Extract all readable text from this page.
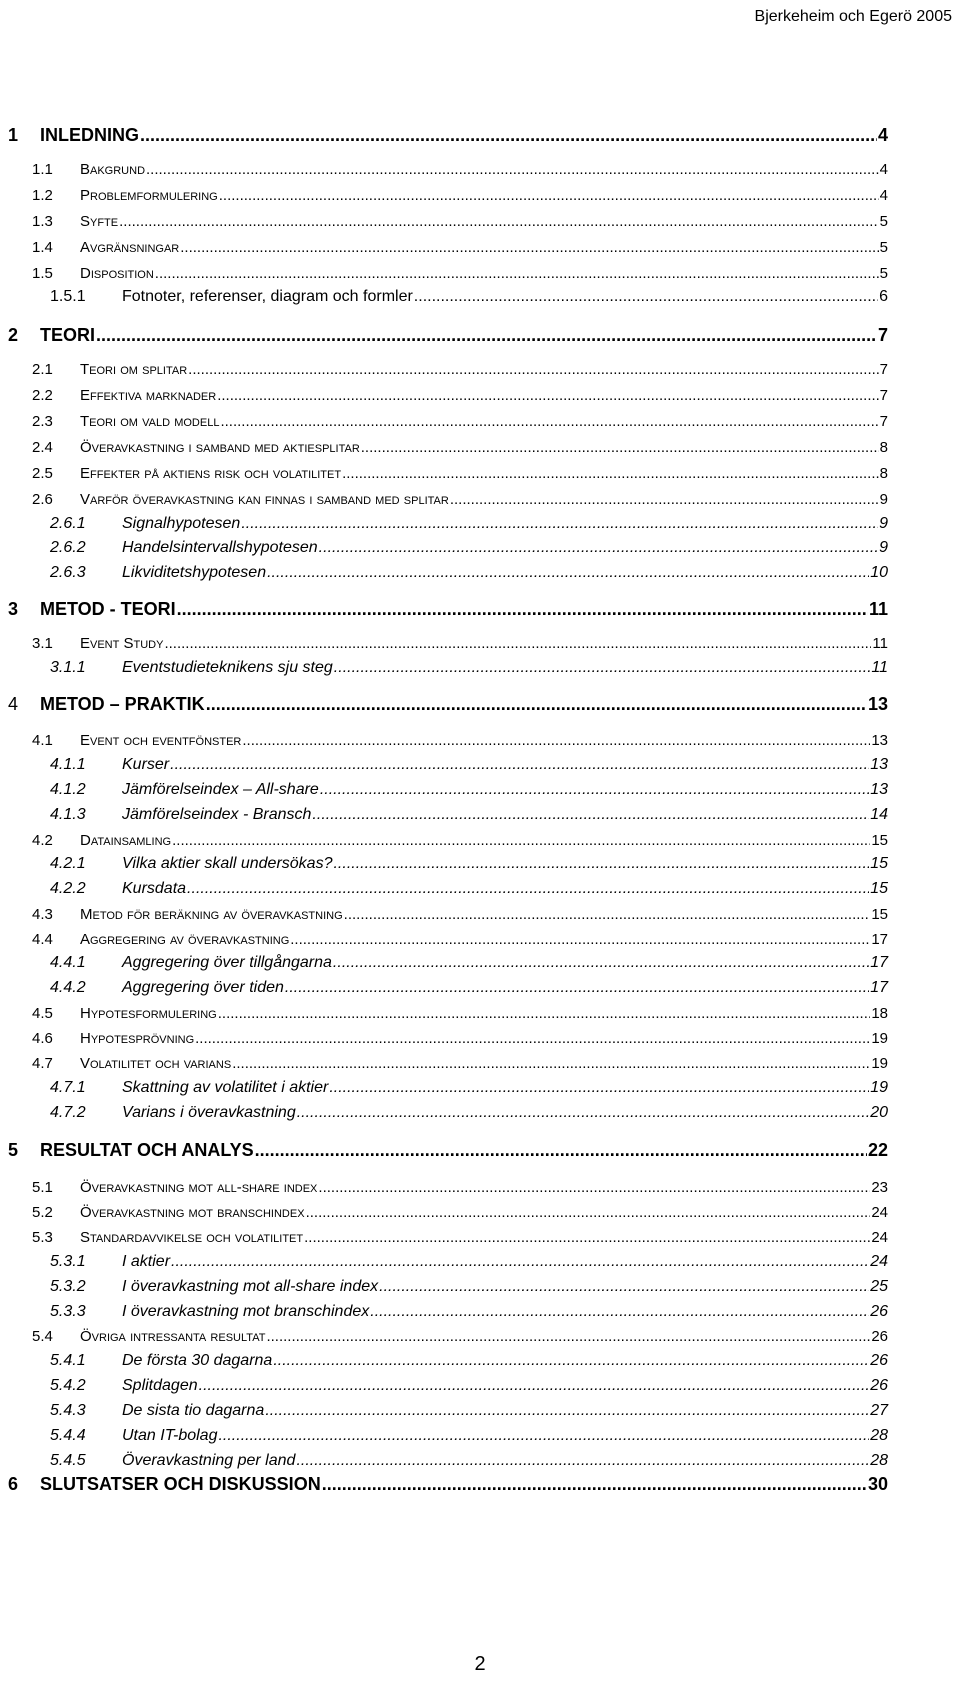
Bjerkeheim och Egerö 2005
1	INLEDNING .....	4
1.1	Bakgrund .....	4
1.2	Problemformulering .....	4
1.3	Syfte .....	5
1.4	Avgränsningar .....	5
1.5	Disposition .....	5
1.5.1	Fotnoter, referenser, diagram och formler .....	6
2	TEORI .....	7
2.1	Teori om splitar .....	7
2.2	Effektiva marknader .....	7
2.3	Teori om vald modell .....	7
2.4	Överavkastning i samband med aktiesplitar .....	8
2.5	Effekter på aktiens risk och volatilitet .....	8
2.6	Varför överavkastning kan finnas i samband med splitar .....	9
2.6.1	Signalhypotesen .....	9
2.6.2	Handelsintervallshypotesen .....	9
2.6.3	Likviditetshypotesen .....	10
3	METOD - TEORI .....	11
3.1	Event Study .....	11
3.1.1	Eventstudieteknikens sju steg .....	11
4	METOD – PRAKTIK .....	13
4.1	Event och eventfönster .....	13
4.1.1	Kurser .....	13
4.1.2	Jämförelseindex – All-share .....	13
4.1.3	Jämförelseindex - Bransch .....	14
4.2	Datainsamling .....	15
4.2.1	Vilka aktier skall undersökas? .....	15
4.2.2	Kursdata .....	15
4.3	Metod för beräkning av överavkastning .....	15
4.4	Aggregering av överavkastning .....	17
4.4.1	Aggregering över tillgångarna .....	17
4.4.2	Aggregering över tiden .....	17
4.5	Hypotesformulering .....	18
4.6	Hypotesprövning .....	19
4.7	Volatilitet och varians .....	19
4.7.1	Skattning av volatilitet i aktier .....	19
4.7.2	Varians i överavkastning .....	20
5	RESULTAT OCH ANALYS .....	22
5.1	Överavkastning mot all-share index .....	23
5.2	Överavkastning mot branschindex .....	24
5.3	Standardavvikelse och volatilitet .....	24
5.3.1	I aktier .....	24
5.3.2	I överavkastning mot all-share index .....	25
5.3.3	I överavkastning mot branschindex .....	26
5.4	Övriga intressanta resultat .....	26
5.4.1	De första 30 dagarna .....	26
5.4.2	Splitdagen .....	26
5.4.3	De sista tio dagarna .....	27
5.4.4	Utan IT-bolag .....	28
5.4.5	Överavkastning per land .....	28
6	SLUTSATSER OCH DISKUSSION .....	30
2
